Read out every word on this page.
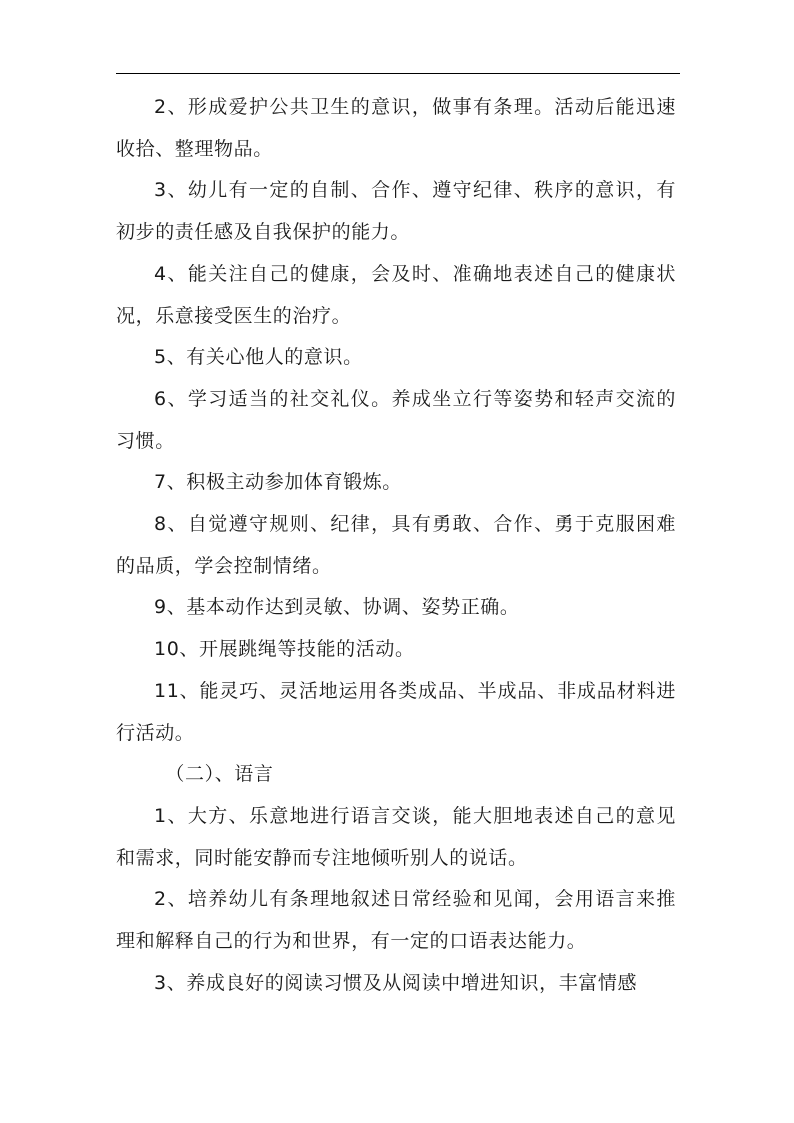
2、形成爱护公共卫生的意识，做事有条理。活动后能迅速收拾、整理物品。

3、幼儿有一定的自制、合作、遵守纪律、秩序的意识，有初步的责任感及自我保护的能力。

4、能关注自己的健康，会及时、准确地表述自己的健康状况，乐意接受医生的治疗。

5、有关心他人的意识。

6、学习适当的社交礼仪。养成坐立行等姿势和轻声交流的习惯。

7、积极主动参加体育锻炼。

8、自觉遵守规则、纪律，具有勇敢、合作、勇于克服困难的品质，学会控制情绪。

9、基本动作达到灵敏、协调、姿势正确。

10、开展跳绳等技能的活动。

11、能灵巧、灵活地运用各类成品、半成品、非成品材料进行活动。

（二）、语言

1、大方、乐意地进行语言交谈，能大胆地表述自己的意见和需求，同时能安静而专注地倾听别人的说话。

2、培养幼儿有条理地叙述日常经验和见闻，会用语言来推理和解释自己的行为和世界，有一定的口语表达能力。

3、养成良好的阅读习惯及从阅读中增进知识，丰富情感
